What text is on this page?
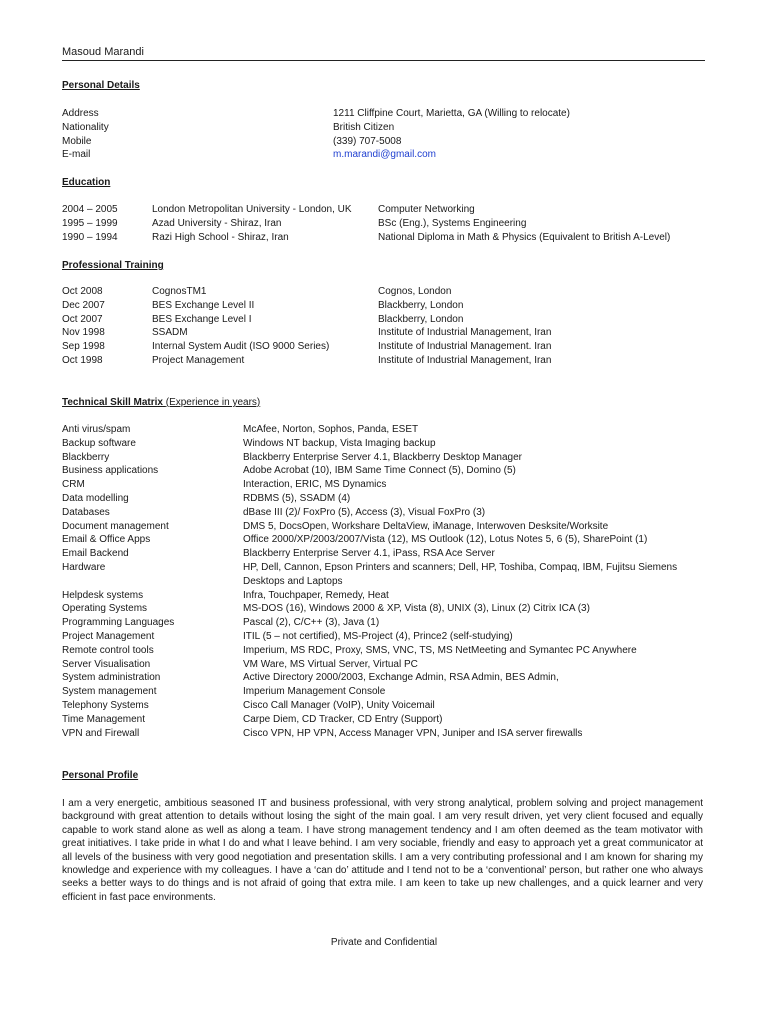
Masoud Marandi
Personal Details
Address	1211 Cliffpine Court, Marietta, GA (Willing to relocate)
Nationality	British Citizen
Mobile	(339) 707-5008
E-mail	m.marandi@gmail.com
Education
2004 – 2005	London Metropolitan University - London, UK	Computer Networking
1995 – 1999	Azad University - Shiraz, Iran	BSc (Eng.), Systems Engineering
1990 – 1994	Razi High School - Shiraz, Iran	National Diploma in Math & Physics (Equivalent to British A-Level)
Professional Training
Oct 2008	CognosTM1	Cognos, London
Dec 2007	BES Exchange Level II	Blackberry, London
Oct 2007	BES Exchange Level I	Blackberry, London
Nov 1998	SSADM	Institute of Industrial Management, Iran
Sep 1998	Internal System Audit (ISO 9000 Series)	Institute of Industrial Management. Iran
Oct 1998	Project Management	Institute of Industrial Management, Iran
Technical Skill Matrix (Experience in years)
Anti virus/spam	McAfee, Norton, Sophos, Panda, ESET
Backup software	Windows NT backup, Vista Imaging backup
Blackberry	Blackberry Enterprise Server 4.1, Blackberry Desktop Manager
Business applications	Adobe Acrobat (10), IBM Same Time Connect (5), Domino (5)
CRM	Interaction, ERIC, MS Dynamics
Data modelling	RDBMS (5), SSADM (4)
Databases	dBase III (2)/ FoxPro (5), Access (3), Visual FoxPro (3)
Document management	DMS 5, DocsOpen, Workshare DeltaView, iManage, Interwoven Desksite/Worksite
Email & Office Apps	Office 2000/XP/2003/2007/Vista (12), MS Outlook (12), Lotus Notes 5, 6 (5), SharePoint (1)
Email Backend	Blackberry Enterprise Server 4.1, iPass, RSA Ace Server
Hardware	HP, Dell, Cannon, Epson Printers and scanners; Dell, HP, Toshiba, Compaq, IBM, Fujitsu Siemens Desktops and Laptops
Helpdesk systems	Infra, Touchpaper, Remedy, Heat
Operating Systems	MS-DOS (16), Windows 2000 & XP, Vista (8), UNIX (3), Linux (2) Citrix ICA (3)
Programming Languages	Pascal (2), C/C++ (3), Java (1)
Project Management	ITIL (5 – not certified), MS-Project (4), Prince2 (self-studying)
Remote control tools	Imperium, MS RDC, Proxy, SMS, VNC, TS, MS NetMeeting and Symantec PC Anywhere
Server Visualisation	VM Ware, MS Virtual Server, Virtual PC
System administration	Active Directory 2000/2003, Exchange Admin, RSA Admin, BES Admin,
System management	Imperium Management Console
Telephony Systems	Cisco Call Manager (VoIP), Unity Voicemail
Time Management	Carpe Diem, CD Tracker, CD Entry (Support)
VPN and Firewall	Cisco VPN, HP VPN, Access Manager VPN, Juniper and ISA server firewalls
Personal Profile
I am a very energetic, ambitious seasoned IT and business professional, with very strong analytical, problem solving and project management background with great attention to details without losing the sight of the main goal. I am very result driven, yet very client focused and equally capable to work stand alone as well as along a team. I have strong management tendency and I am often deemed as the team motivator with great initiatives. I take pride in what I do and what I leave behind. I am very sociable, friendly and easy to approach yet a great communicator at all levels of the business with very good negotiation and presentation skills. I am a very contributing professional and I am known for sharing my knowledge and experience with my colleagues. I have a ‘can do’ attitude and I tend not to be a ‘conventional’ person, but rather one who always seeks a better ways to do things and is not afraid of going that extra mile. I am keen to take up new challenges, and a quick learner and very efficient in fast pace environments.
Private and Confidential
